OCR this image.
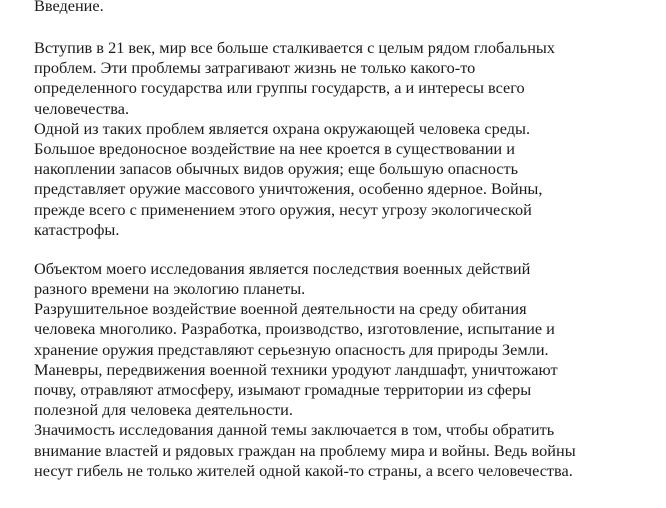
Введение.
Вступив в 21 век, мир все больше сталкивается с целым рядом глобальных
проблем. Эти проблемы затрагивают жизнь не только какого-то
определенного государства или группы государств, а и интересы всего
человечества.
Одной из таких проблем является охрана окружающей человека среды.
Большое вредоносное воздействие на нее кроется в существовании и
накоплении запасов обычных видов оружия; еще большую опасность
представляет оружие массового уничтожения, особенно ядерное. Войны,
прежде всего с применением этого оружия, несут угрозу экологической
катастрофы.
Объектом моего исследования является последствия военных действий
разного времени на экологию планеты.
Разрушительное воздействие военной деятельности на среду обитания
человека многолико. Разработка, производство, изготовление, испытание и
хранение оружия представляют серьезную опасность для природы Земли.
Маневры, передвижения военной техники уродуют ландшафт, уничтожают
почву, отравляют атмосферу, изымают громадные территории из сферы
полезной для человека деятельности.
Значимость исследования данной темы заключается в том, чтобы обратить
внимание властей и рядовых граждан на проблему мира и войны. Ведь войны
несут гибель не только жителей одной какой-то страны, а всего человечества.
